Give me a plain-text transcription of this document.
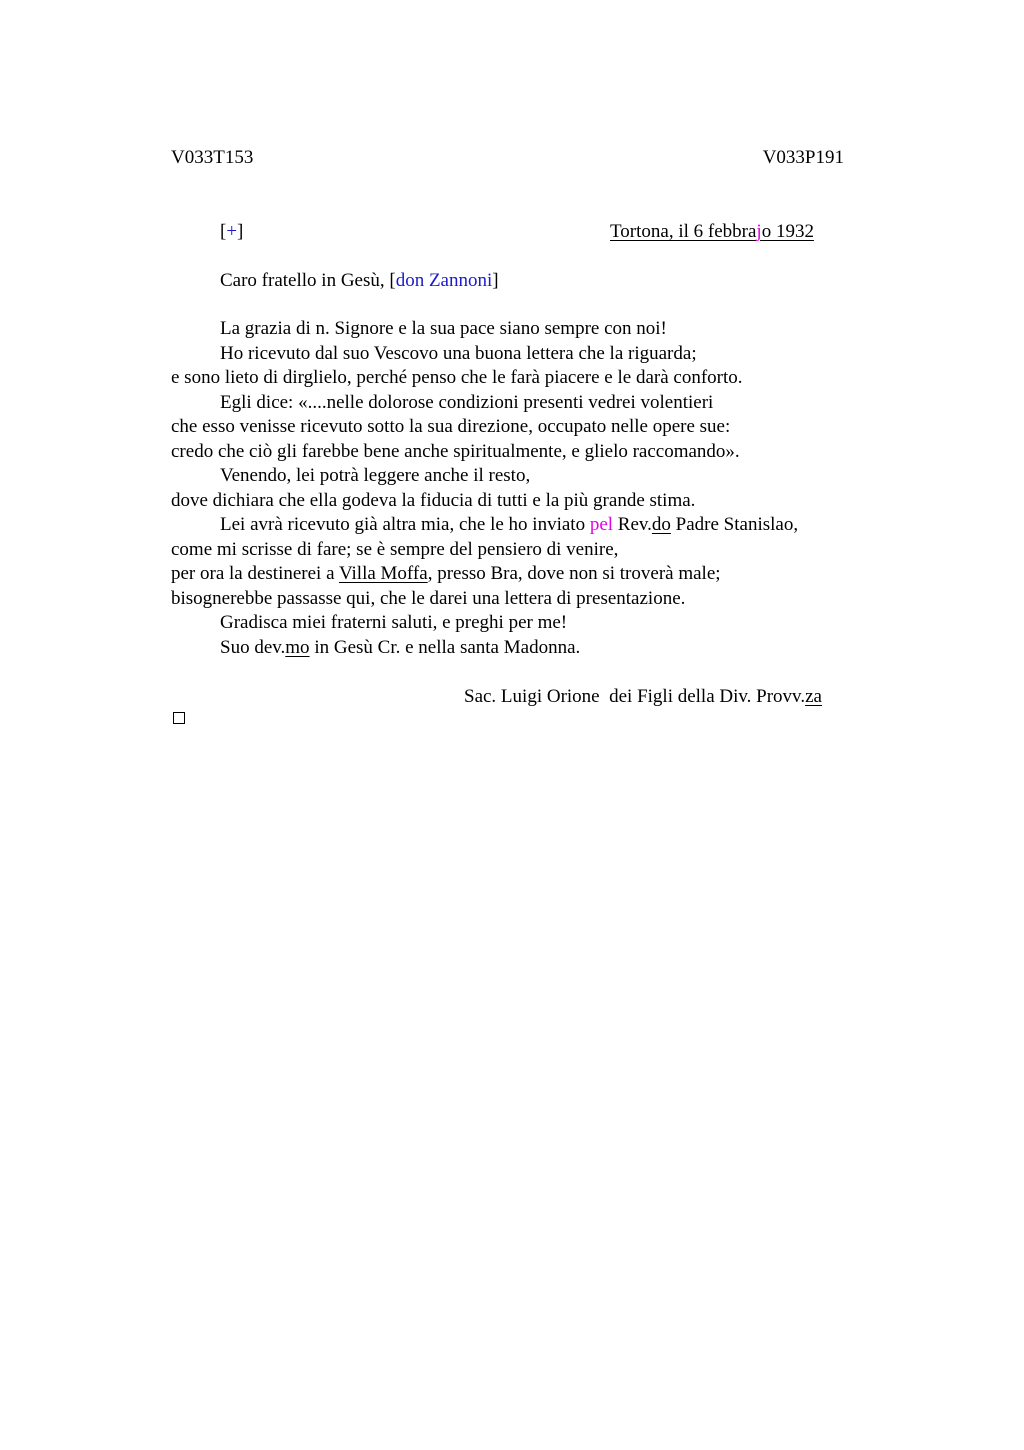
V033T153	V033P191
[+]	Tortona, il 6 febbrajo 1932
Caro fratello in Gesù, [don Zannoni]
La grazia di n. Signore e la sua pace siano sempre con noi!
Ho ricevuto dal suo Vescovo una buona lettera che la riguarda;
e sono lieto di dirglielo, perché penso che le farà piacere e le darà conforto.
Egli dice: «....nelle dolorose condizioni presenti vedrei volentieri
che esso venisse ricevuto sotto la sua direzione, occupato nelle opere sue:
credo che ciò gli farebbe bene anche spiritualmente, e glielo raccomando».
Venendo, lei potrà leggere anche il resto,
dove dichiara che ella godeva la fiducia di tutti e la più grande stima.
Lei avrà ricevuto già altra mia, che le ho inviato pel Rev.do Padre Stanislao,
come mi scrisse di fare; se è sempre del pensiero di venire,
per ora la destinerei a Villa Moffa, presso Bra, dove non si troverà male;
bisognerebbe passasse qui, che le darei una lettera di presentazione.
Gradisca miei fraterni saluti, e preghi per me!
Suo dev.mo in Gesù Cr. e nella santa Madonna.
Sac. Luigi Orione  dei Figli della Div. Provv.za
